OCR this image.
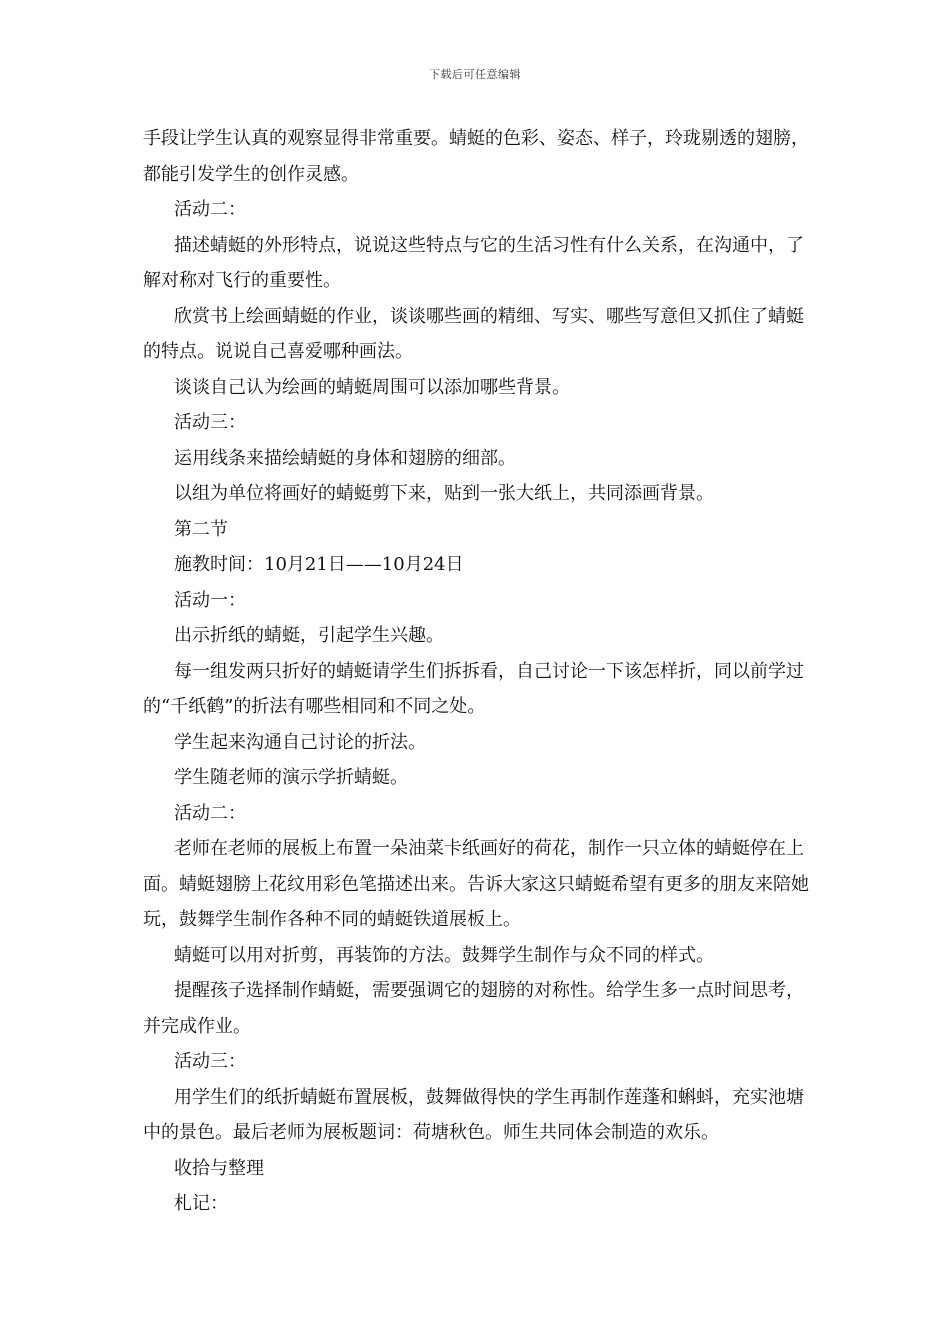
下载后可任意编辑

手段让学生认真的观察显得非常重要。蜻蜓的色彩、姿态、样子，玲珑剔透的翅膀，都能引发学生的创作灵感。

活动二：

描述蜻蜓的外形特点，说说这些特点与它的生活习性有什么关系，在沟通中，了解对称对飞行的重要性。

欣赏书上绘画蜻蜓的作业，谈谈哪些画的精细、写实、哪些写意但又抓住了蜻蜓的特点。说说自己喜爱哪种画法。

谈谈自己认为绘画的蜻蜓周围可以添加哪些背景。

活动三：

运用线条来描绘蜻蜓的身体和翅膀的细部。

以组为单位将画好的蜻蜓剪下来，贴到一张大纸上，共同添画背景。

第二节

施教时间：10月21日——10月24日

活动一：

出示折纸的蜻蜓，引起学生兴趣。

每一组发两只折好的蜻蜓请学生们拆拆看，自己讨论一下该怎样折，同以前学过的“千纸鹤”的折法有哪些相同和不同之处。

学生起来沟通自己讨论的折法。

学生随老师的演示学折蜻蜓。

活动二：

老师在老师的展板上布置一朵油菜卡纸画好的荷花，制作一只立体的蜻蜓停在上面。蜻蜓翅膀上花纹用彩色笔描述出来。告诉大家这只蜻蜓希望有更多的朋友来陪她玩，鼓舞学生制作各种不同的蜻蜓铁道展板上。

蜻蜓可以用对折剪，再装饰的方法。鼓舞学生制作与众不同的样式。

提醒孩子选择制作蜻蜓，需要强调它的翅膀的对称性。给学生多一点时间思考，并完成作业。

活动三：

用学生们的纸折蜻蜓布置展板，鼓舞做得快的学生再制作莲蓬和蝌蚪，充实池塘中的景色。最后老师为展板题词：荷塘秋色。师生共同体会制造的欢乐。

收拾与整理

札记：
